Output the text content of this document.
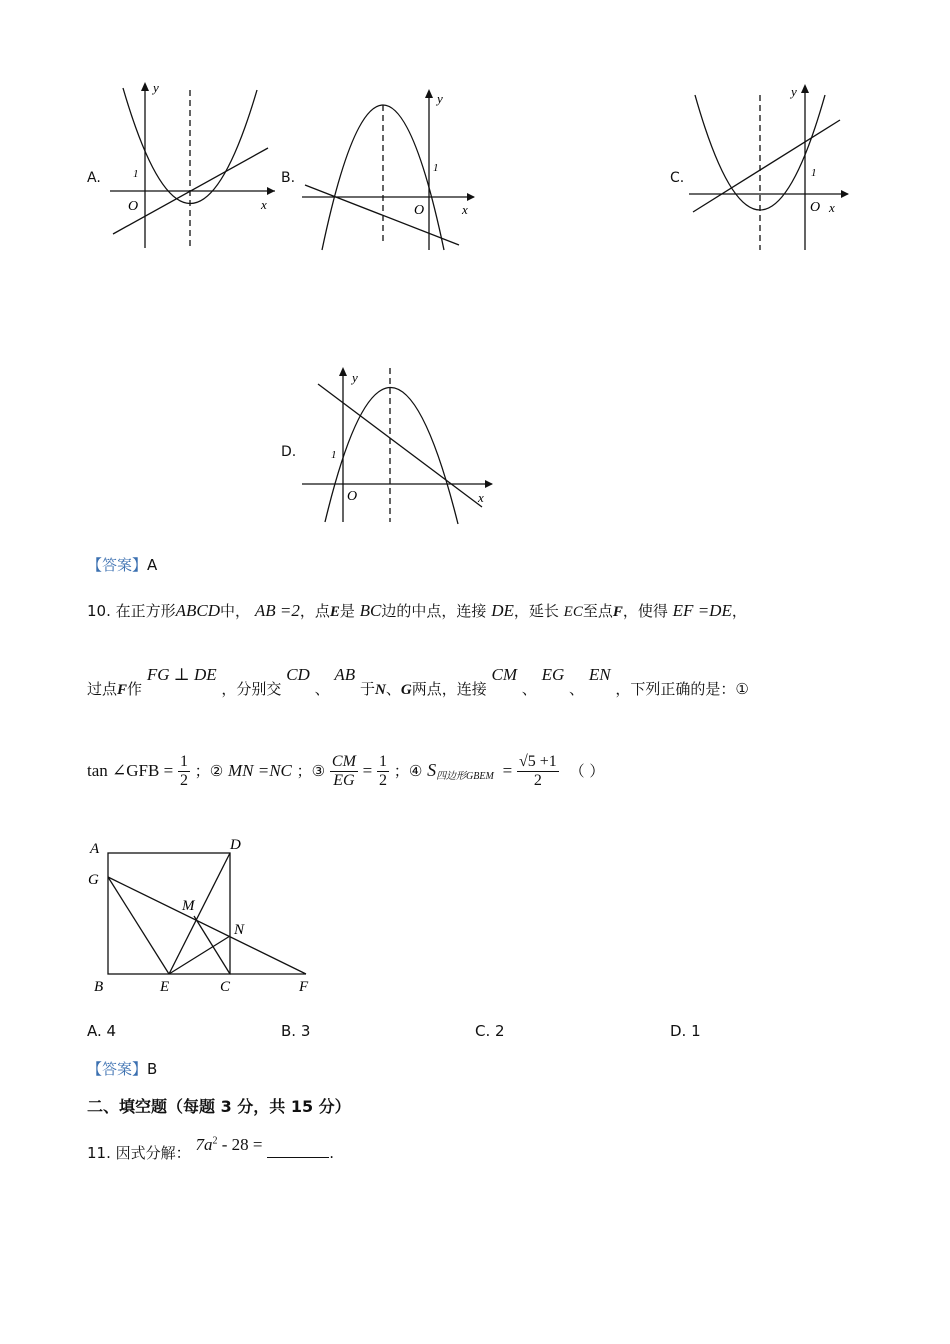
A.
y
x
O
1	B.
y
x
O
1
C.
y
x
O
1
D.
y
x
O
1
【答案】A
10. 在正方形ABCD中， AB =2，点E是 BC边的中点，连接 DE，延长 EC至点F，使得 EF =DE，
过点F作 FG ⊥ DE ，分别交 CD 、 AB 于N、G两点，连接 CM 、 EG 、 EN ，下列正确的是：①
tan ∠GFB = $\frac{1}{2}$ ；② MN =NC ；③ $\frac{CM}{EG} = \frac{1}{2}$ ；④ $S_{四边形GBEM} = \frac{√5 +1}{2}$ （ ）
A	D
G
M
N
B	E	C	F
A. 4	B. 3	C. 2	D. 1
【答案】B
二、填空题（每题 3 分，共 15 分）
11. 因式分解： $7a^2 - 28$ =	.
